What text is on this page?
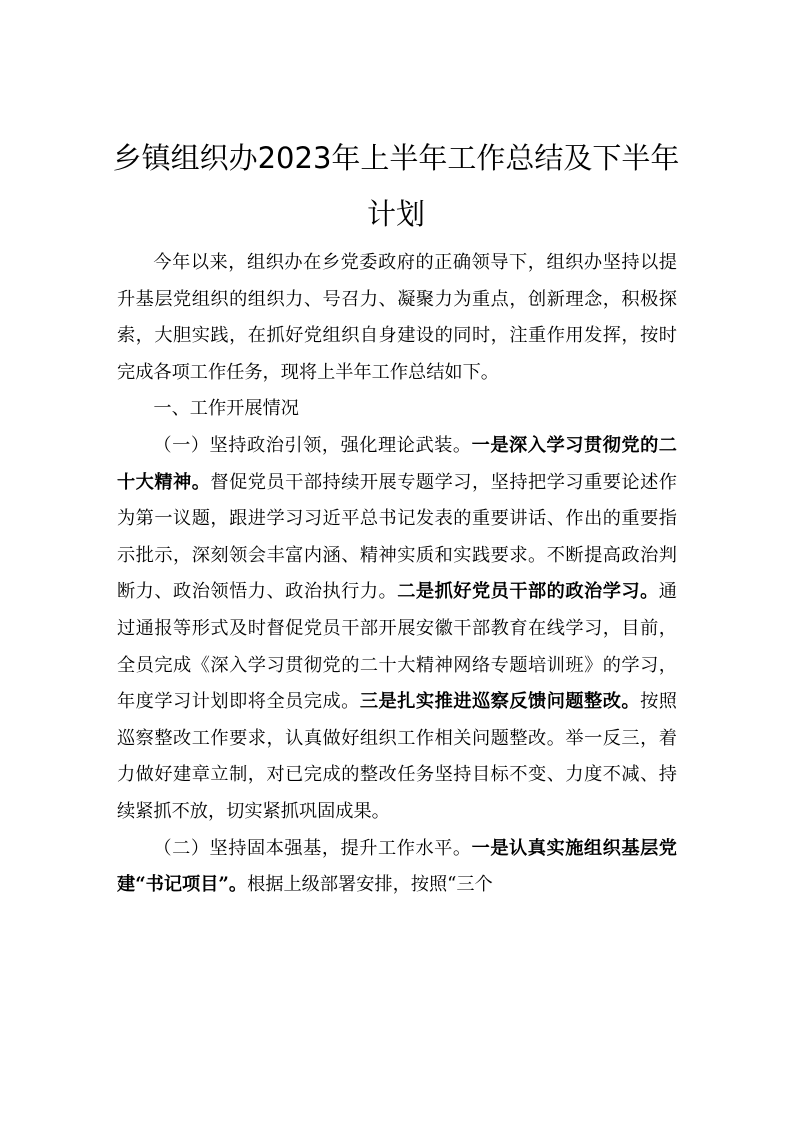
乡镇组织办2023年上半年工作总结及下半年计划

今年以来，组织办在乡党委政府的正确领导下，组织办坚持以提升基层党组织的组织力、号召力、凝聚力为重点，创新理念，积极探索，大胆实践，在抓好党组织自身建设的同时，注重作用发挥，按时完成各项工作任务，现将上半年工作总结如下。

一、工作开展情况

（一）坚持政治引领，强化理论武装。一是深入学习贯彻党的二十大精神。督促党员干部持续开展专题学习，坚持把学习重要论述作为第一议题，跟进学习习近平总书记发表的重要讲话、作出的重要指示批示，深刻领会丰富内涵、精神实质和实践要求。不断提高政治判断力、政治领悟力、政治执行力。二是抓好党员干部的政治学习。通过通报等形式及时督促党员干部开展安徽干部教育在线学习，目前，全员完成《深入学习贯彻党的二十大精神网络专题培训班》的学习，年度学习计划即将全员完成。三是扎实推进巡察反馈问题整改。按照巡察整改工作要求，认真做好组织工作相关问题整改。举一反三，着力做好建章立制，对已完成的整改任务坚持目标不变、力度不减、持续紧抓不放，切实紧抓巩固成果。

（二）坚持固本强基，提升工作水平。一是认真实施组织基层党建“书记项目”。根据上级部署安排，按照“三个
